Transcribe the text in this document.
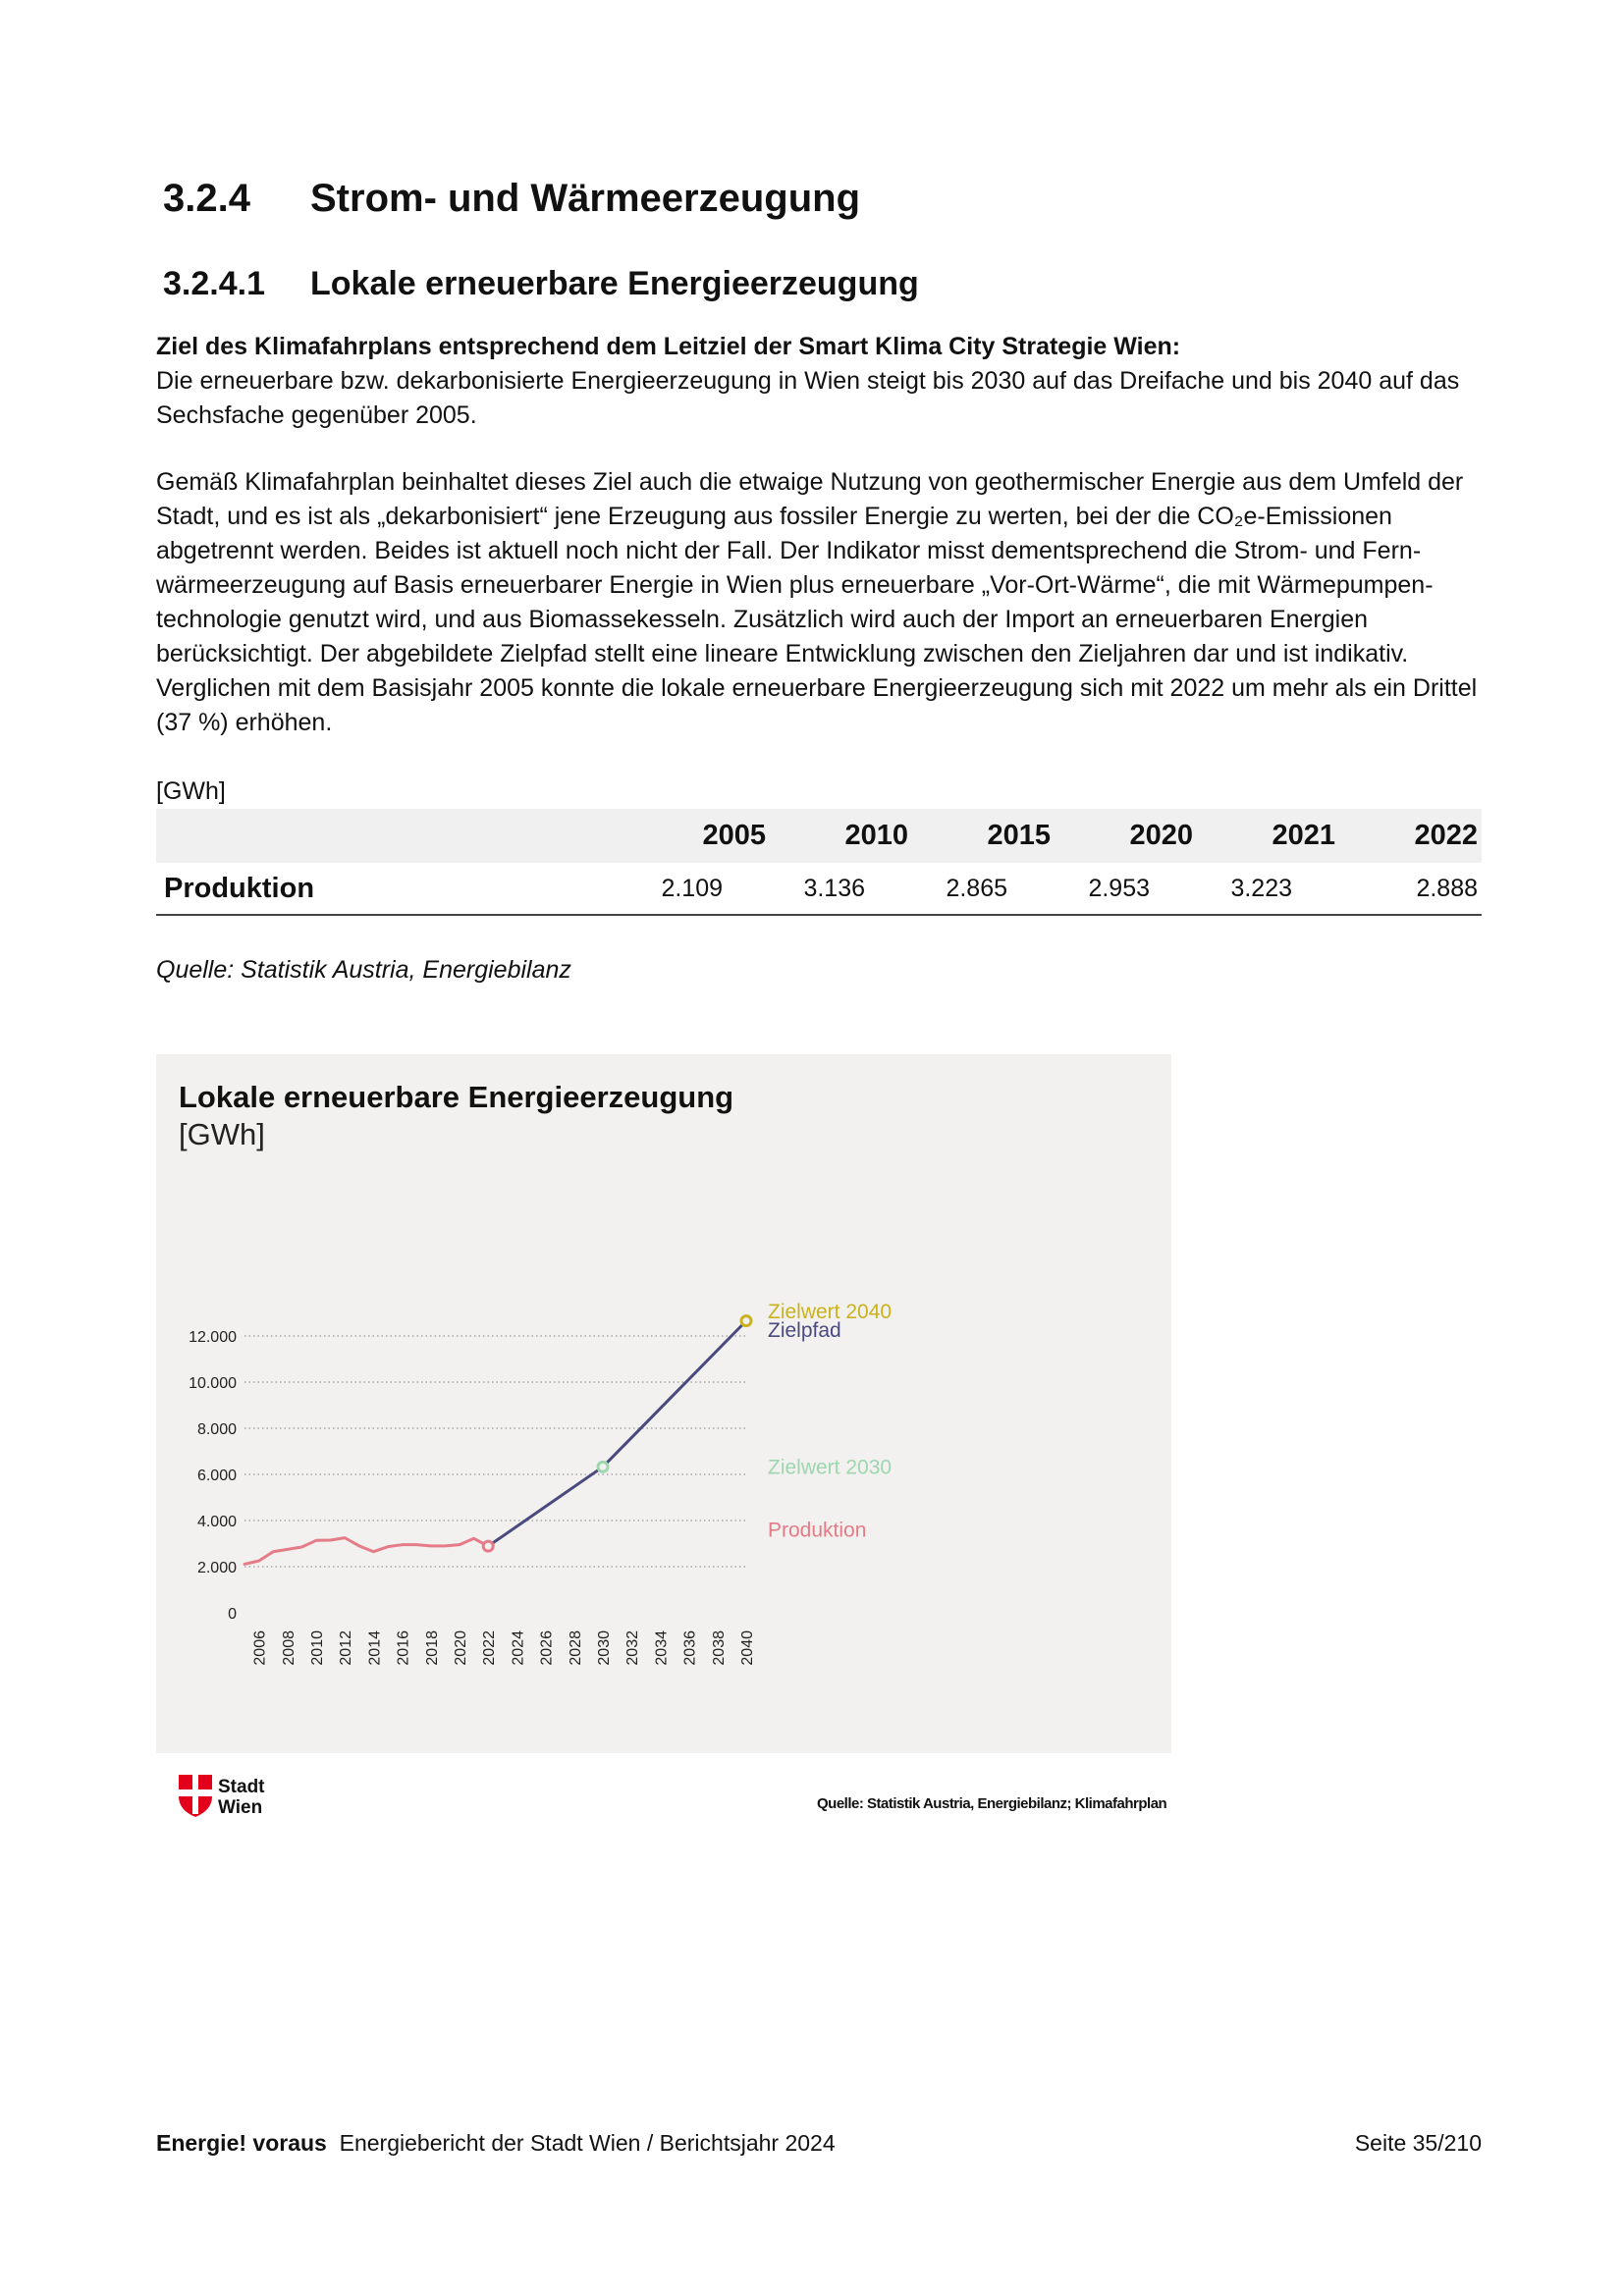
3.2.4 Strom- und Wärmeerzeugung
3.2.4.1 Lokale erneuerbare Energieerzeugung

Ziel des Klimafahrplans entsprechend dem Leitziel der Smart Klima City Strategie Wien:

Die erneuerbare bzw. dekarbonisierte Energieerzeugung in Wien steigt bis 2030 auf das Dreifache und bis 2040 auf das Sechsfache gegenüber 2005.

Gemäß Klimafahrplan beinhaltet dieses Ziel auch die etwaige Nutzung von geothermischer Energie aus dem Umfeld der Stadt, und es ist als „dekarbonisiert“ jene Erzeugung aus fossiler Energie zu werten, bei der die CO₂e-Emissionen abgetrennt werden. Beides ist aktuell noch nicht der Fall. Der Indikator misst dementsprechend die Strom- und Fernwärmeerzeugung auf Basis erneuerbarer Energie in Wien plus erneuerbare „Vor-Ort-Wärme“, die mit Wärmepumpentechnologie genutzt wird, und aus Biomassekesseln. Zusätzlich wird auch der Import an erneuerbaren Energien berücksichtigt. Der abgebildete Zielpfad stellt eine lineare Entwicklung zwischen den Zieljahren dar und ist indikativ. Verglichen mit dem Basisjahr 2005 konnte die lokale erneuerbare Energieerzeugung sich mit 2022 um mehr als ein Drittel (37 %) erhöhen.

[GWh]
	2005	2010	2015	2020	2021	2022
Produktion	2.109	3.136	2.865	2.953	3.223	2.888
Quelle: Statistik Austria, Energiebilanz
Lokale erneuerbare Energieerzeugung
[GWh]
0
2.000
4.000
6.000
8.000
10.000
12.000
2006 2008 2010 2012 2014 2016 2018 2020 2022 2024 2026 2028 2030 2032 2034 2036 2038 2040
Zielwert 2040
Zielpfad
Zielwert 2030
Produktion
Stadt
Wien	Quelle: Statistik Austria, Energiebilanz; Klimafahrplan
Energie! voraus Energiebericht der Stadt Wien / Berichtsjahr 2024	Seite 35/210
